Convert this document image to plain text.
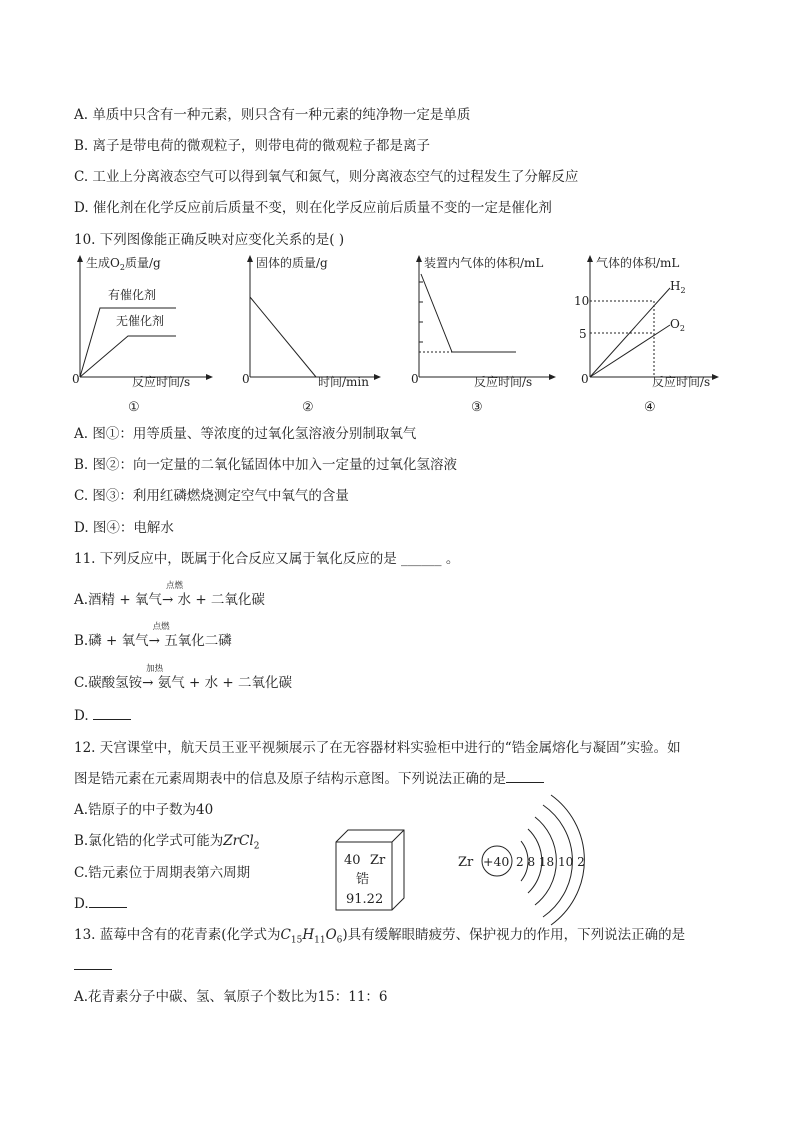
A. 单质中只含有一种元素，则只含有一种元素的纯净物一定是单质
B. 离子是带电荷的微观粒子，则带电荷的微观粒子都是离子
C. 工业上分离液态空气可以得到氧气和氮气，则分离液态空气的过程发生了分解反应
D. 催化剂在化学反应前后质量不变，则在化学反应前后质量不变的一定是催化剂
10. 下列图像能正确反映对应变化关系的是( )
生成$O_2$质量/g
有催化剂
无催化剂
0	反应时间/s
①
固体的质量/g
0	时间/min
②
装置内气体的体积/mL
0	反应时间/s
③
气体的体积/mL
10
5
$H_2$
$O_2$
0	反应时间/s
④
A. 图①：用等质量、等浓度的过氧化氢溶液分别制取氧气
B. 图②：向一定量的二氧化锰固体中加入一定量的过氧化氢溶液
C. 图③：利用红磷燃烧测定空气中氧气的含量
D. 图④：电解水
11. 下列反应中，既属于化合反应又属于氧化反应的是 ______ 。
A.酒精 + 氧气
点燃
→ 水 + 二氧化碳
B.磷 + 氧气
点燃
→ 五氧化二磷
C.碳酸氢铵
加热
→ 氨气 + 水 + 二氧化碳
D.
12. 天宫课堂中，航天员王亚平视频展示了在无容器材料实验柜中进行的“锆金属熔化与凝固”实验。如
图是锆元素在元素周期表中的信息及原子结构示意图。下列说法正确的是
A.锆原子的中子数为40
B.氯化锆的化学式可能为ZrCl$_2$
C.锆元素位于周期表第六周期
D.
40 Zr
锆
91.22
Zr +40 2 8 18 10 2
13. 蓝莓中含有的花青素(化学式为$C_{15}H_{11}O_6$)具有缓解眼睛疲劳、保护视力的作用，下列说法正确的是
A.花青素分子中碳、氢、氧原子个数比为15：11：6
